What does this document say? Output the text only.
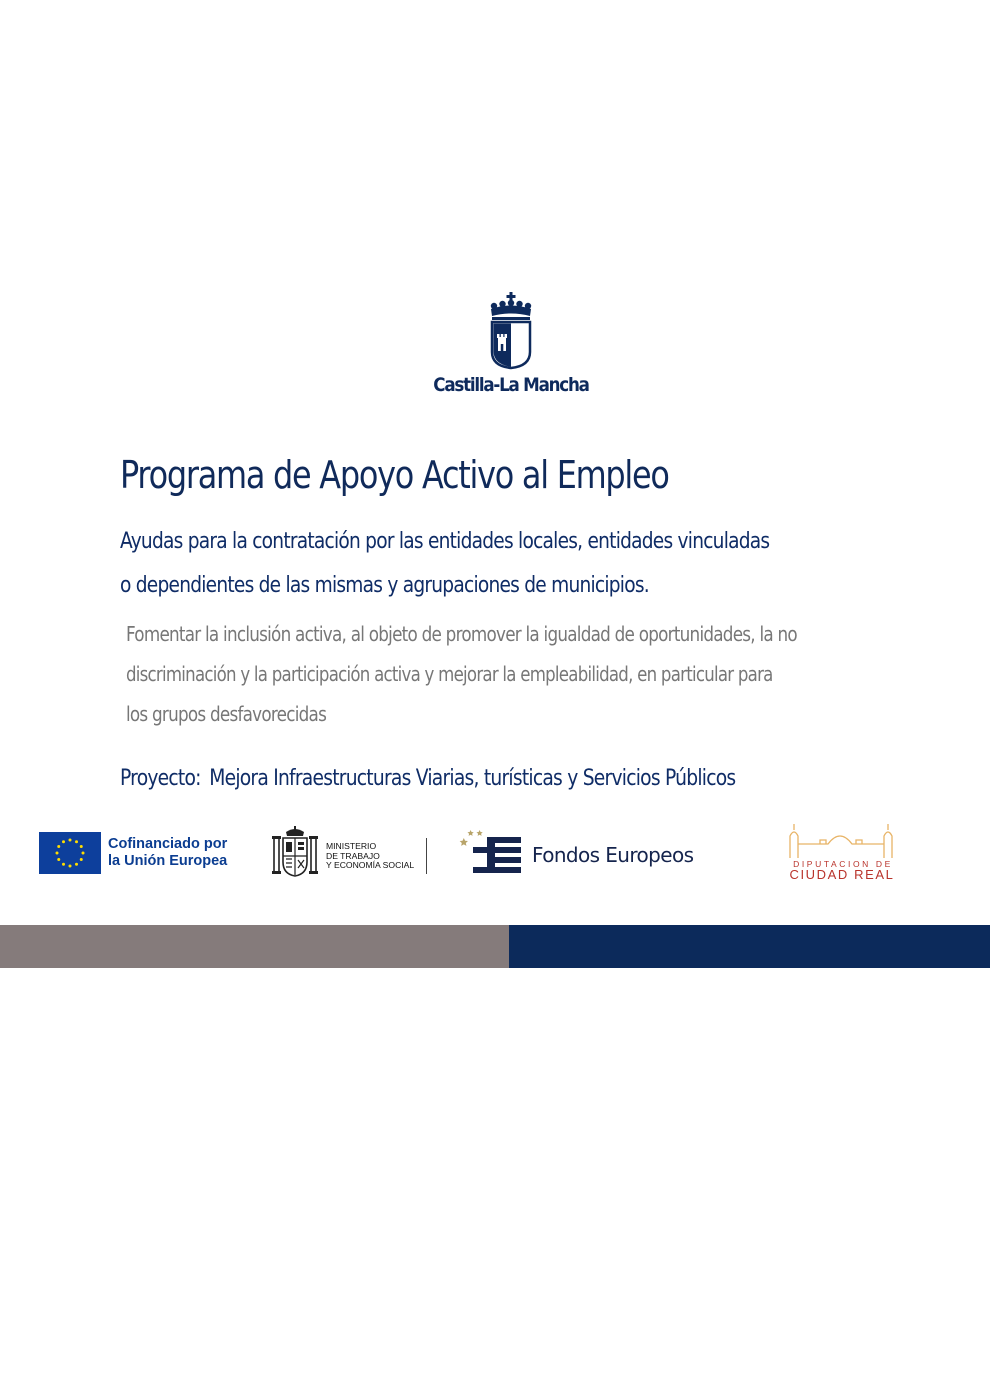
Castilla-La Mancha
Programa de Apoyo Activo al Empleo
Ayudas para la contratación por las entidades locales, entidades vinculadas
o dependientes de las mismas y agrupaciones de municipios.
Fomentar la inclusión activa, al objeto de promover la igualdad de oportunidades, la no
discriminación y la participación activa y mejorar la empleabilidad, en particular para
los grupos desfavorecidas
Proyecto: Mejora Infraestructuras Viarias, turísticas y Servicios Públicos
Cofinanciado por
la Unión Europea
MINISTERIO
DE TRABAJO
Y ECONOMÍA SOCIAL	Fondos Europeos	DIPUTACION DE
CIUDAD REAL
